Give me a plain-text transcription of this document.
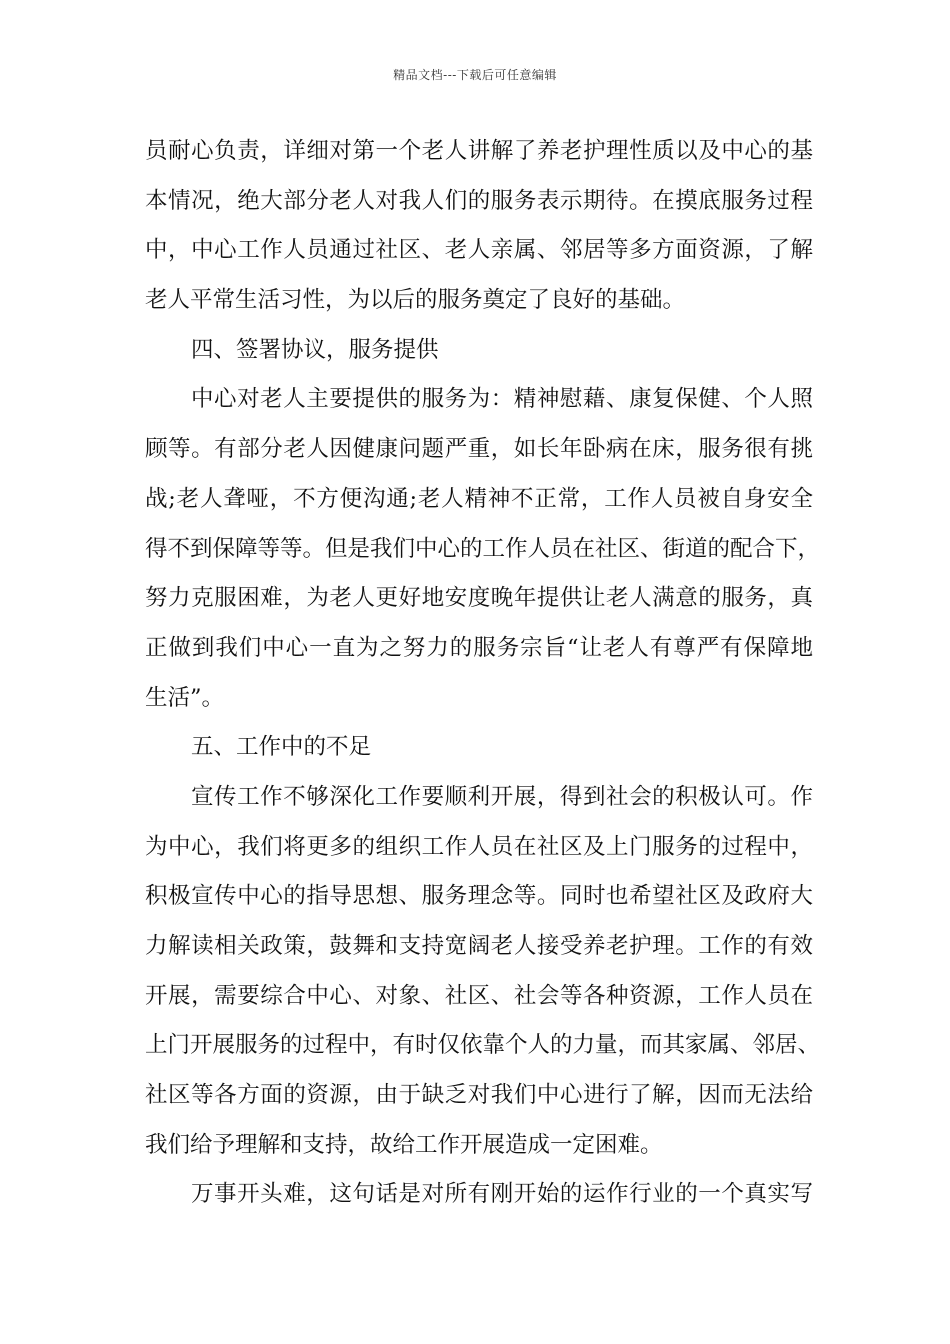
精品文档---下载后可任意编辑
员耐心负责，详细对第一个老人讲解了养老护理性质以及中心的基
本情况，绝大部分老人对我人们的服务表示期待。在摸底服务过程
中，中心工作人员通过社区、老人亲属、邻居等多方面资源，了解
老人平常生活习性，为以后的服务奠定了良好的基础。
四、签署协议，服务提供
中心对老人主要提供的服务为：精神慰藉、康复保健、个人照
顾等。有部分老人因健康问题严重，如长年卧病在床，服务很有挑
战;老人聋哑，不方便沟通;老人精神不正常，工作人员被自身安全
得不到保障等等。但是我们中心的工作人员在社区、街道的配合下，
努力克服困难，为老人更好地安度晚年提供让老人满意的服务，真
正做到我们中心一直为之努力的服务宗旨“让老人有尊严有保障地
生活”。
五、工作中的不足
宣传工作不够深化工作要顺利开展，得到社会的积极认可。作
为中心，我们将更多的组织工作人员在社区及上门服务的过程中，
积极宣传中心的指导思想、服务理念等。同时也希望社区及政府大
力解读相关政策，鼓舞和支持宽阔老人接受养老护理。工作的有效
开展，需要综合中心、对象、社区、社会等各种资源，工作人员在
上门开展服务的过程中，有时仅依靠个人的力量，而其家属、邻居、
社区等各方面的资源，由于缺乏对我们中心进行了解，因而无法给
我们给予理解和支持，故给工作开展造成一定困难。
万事开头难，这句话是对所有刚开始的运作行业的一个真实写
